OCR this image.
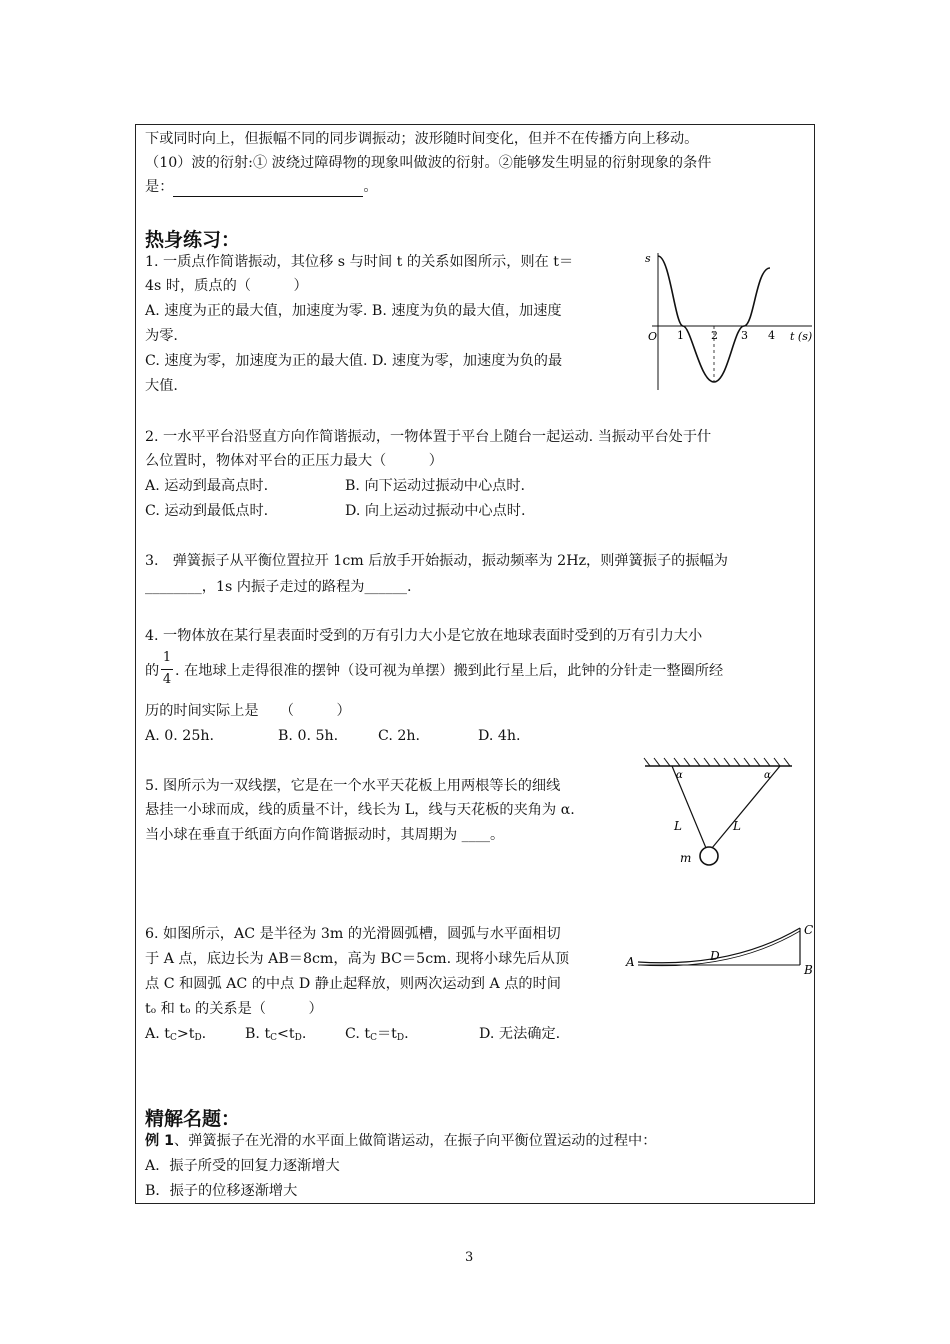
下或同时向上，但振幅不同的同步调振动；波形随时间变化，但并不在传播方向上移动。
（10）波的衍射:① 波绕过障碍物的现象叫做波的衍射。②能够发生明显的衍射现象的条件
是：	。
热身练习：
1. 一质点作简谐振动，其位移 s 与时间 t 的关系如图所示，则在 t＝
4s 时，质点的（　　　）
A. 速度为正的最大值，加速度为零. B. 速度为负的最大值，加速度
为零.
C. 速度为零，加速度为正的最大值. D. 速度为零，加速度为负的最
大值.
s
O	t (s)
1 2 3 4
2. 一水平平台沿竖直方向作简谐振动，一物体置于平台上随台一起运动. 当振动平台处于什
么位置时，物体对平台的正压力最大（　　　）
A. 运动到最高点时.	B. 向下运动过振动中心点时.
C. 运动到最低点时.	D. 向上运动过振动中心点时.
3.　弹簧振子从平衡位置拉开 1cm 后放手开始振动，振动频率为 2Hz，则弹簧振子的振幅为
________，1s 内振子走过的路程为______.
4. 一物体放在某行星表面时受到的万有引力大小是它放在地球表面时受到的万有引力大小
的
1
4
. 在地球上走得很准的摆钟（设可视为单摆）搬到此行星上后，此钟的分针走一整圈所经
历的时间实际上是　　（　　　）
A. 0. 25h.	B. 0. 5h.	C. 2h.	D. 4h.
5. 图所示为一双线摆，它是在一个水平天花板上用两根等长的细线
悬挂一小球而成，线的质量不计，线长为 L，线与天花板的夹角为 α.
当小球在垂直于纸面方向作简谐振动时，其周期为 ____。
α	α
L	L
m
6. 如图所示，AC 是半径为 3m 的光滑圆弧槽，圆弧与水平面相切
于 A 点，底边长为 AB＝8cm，高为 BC＝5cm. 现将小球先后从顶
点 C 和圆弧 AC 的中点 D 静止起释放，则两次运动到 A 点的时间
tₒ 和 tₒ 的关系是（　　　）
A. $t_C>t_D$.	B. $t_C<t_D$.	C. $t_C=t_D$.	D. 无法确定.
A	D
C
B
精解名题：
例 1、弹簧振子在光滑的水平面上做简谐运动，在振子向平衡位置运动的过程中：
A．振子所受的回复力逐渐增大
B．振子的位移逐渐增大
3
